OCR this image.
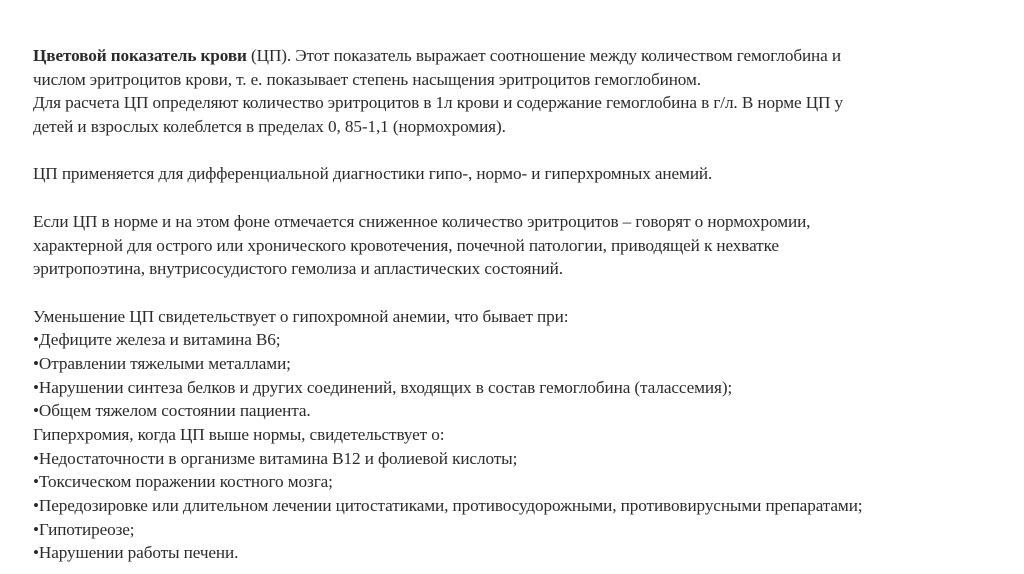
Цветовой показатель крови (ЦП). Этот показатель выражает соотношение между количеством гемоглобина и
числом эритроцитов крови, т. е. показывает степень насыщения эритроцитов гемоглобином.
Для расчета ЦП определяют количество эритроцитов в 1л крови и содержание гемоглобина в г/л. В норме ЦП у
детей и взрослых колеблется в пределах 0, 85-1,1 (нормохромия).
ЦП применяется для дифференциальной диагностики гипо-, нормо- и гиперхромных анемий.
Если ЦП в норме и на этом фоне отмечается сниженное количество эритроцитов – говорят о нормохромии,
характерной для острого или хронического кровотечения, почечной патологии, приводящей к нехватке
эритропоэтина, внутрисосудистого гемолиза и апластических состояний.
Уменьшение ЦП свидетельствует о гипохромной анемии, что бывает при:
•Дефиците железа и витамина В6;
•Отравлении тяжелыми металлами;
•Нарушении синтеза белков и других соединений, входящих в состав гемоглобина (талассемия);
•Общем тяжелом состоянии пациента.
Гиперхромия, когда ЦП выше нормы, свидетельствует о:
•Недостаточности в организме витамина В12 и фолиевой кислоты;
•Токсическом поражении костного мозга;
•Передозировке или длительном лечении цитостатиками, противосудорожными, противовирусными препаратами;
•Гипотиреозе;
•Нарушении работы печени.
